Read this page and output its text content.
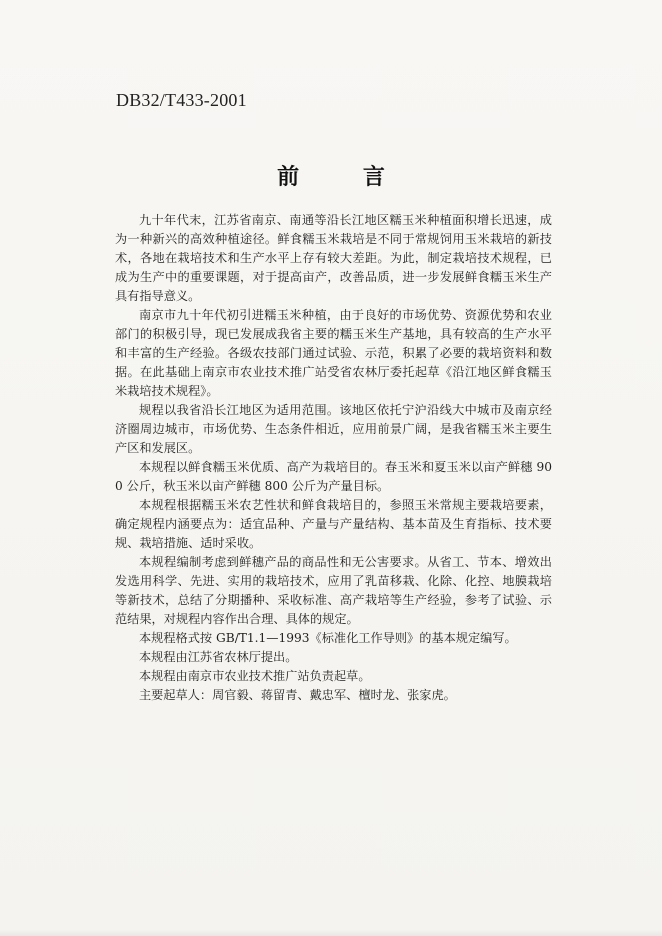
DB32/T433-2001
前 言

九十年代末，江苏省南京、南通等沿长江地区糯玉米种植面积增长迅速，成为一种新兴的高效种植途径。鲜食糯玉米栽培是不同于常规饲用玉米栽培的新技术，各地在栽培技术和生产水平上存有较大差距。为此，制定栽培技术规程，已成为生产中的重要课题，对于提高亩产，改善品质，进一步发展鲜食糯玉米生产具有指导意义。

南京市九十年代初引进糯玉米种植，由于良好的市场优势、资源优势和农业部门的积极引导，现已发展成我省主要的糯玉米生产基地，具有较高的生产水平和丰富的生产经验。各级农技部门通过试验、示范，积累了必要的栽培资料和数据。在此基础上南京市农业技术推广站受省农林厅委托起草《沿江地区鲜食糯玉米栽培技术规程》。

规程以我省沿长江地区为适用范围。该地区依托宁沪沿线大中城市及南京经济圈周边城市，市场优势、生态条件相近，应用前景广阔，是我省糯玉米主要生产区和发展区。

本规程以鲜食糯玉米优质、高产为栽培目的。春玉米和夏玉米以亩产鲜穗 900 公斤，秋玉米以亩产鲜穗 800 公斤为产量目标。

本规程根据糯玉米农艺性状和鲜食栽培目的，参照玉米常规主要栽培要素，确定规程内涵要点为：适宜品种、产量与产量结构、基本苗及生育指标、技术要规、栽培措施、适时采收。

本规程编制考虑到鲜穗产品的商品性和无公害要求。从省工、节本、增效出发选用科学、先进、实用的栽培技术，应用了乳苗移栽、化除、化控、地膜栽培等新技术，总结了分期播种、采收标准、高产栽培等生产经验，参考了试验、示范结果，对规程内容作出合理、具体的规定。

本规程格式按 GB/T1.1—1993《标准化工作导则》的基本规定编写。

本规程由江苏省农林厅提出。

本规程由南京市农业技术推广站负责起草。

主要起草人：周官毅、蒋留青、戴忠军、檀时龙、张家虎。
